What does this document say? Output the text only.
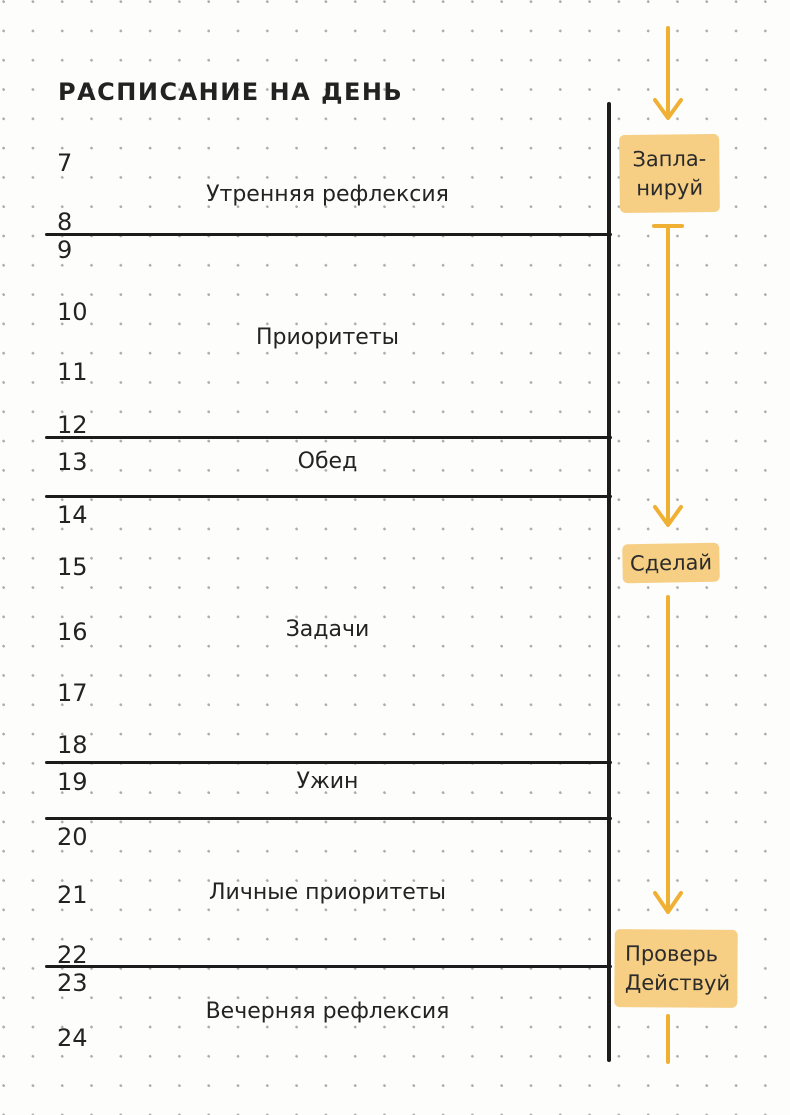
РАСПИСАНИЕ НА ДЕНЬ
7
8
9
10
11
12
13
14
15
16
17
18
19
20
21
22
23
24
Утренняя рефлексия
Приоритеты
Обед
Задачи
Ужин
Личные приоритеты
Вечерняя рефлексия
Запла-
нируй
Сделай
Проверь
Действуй
